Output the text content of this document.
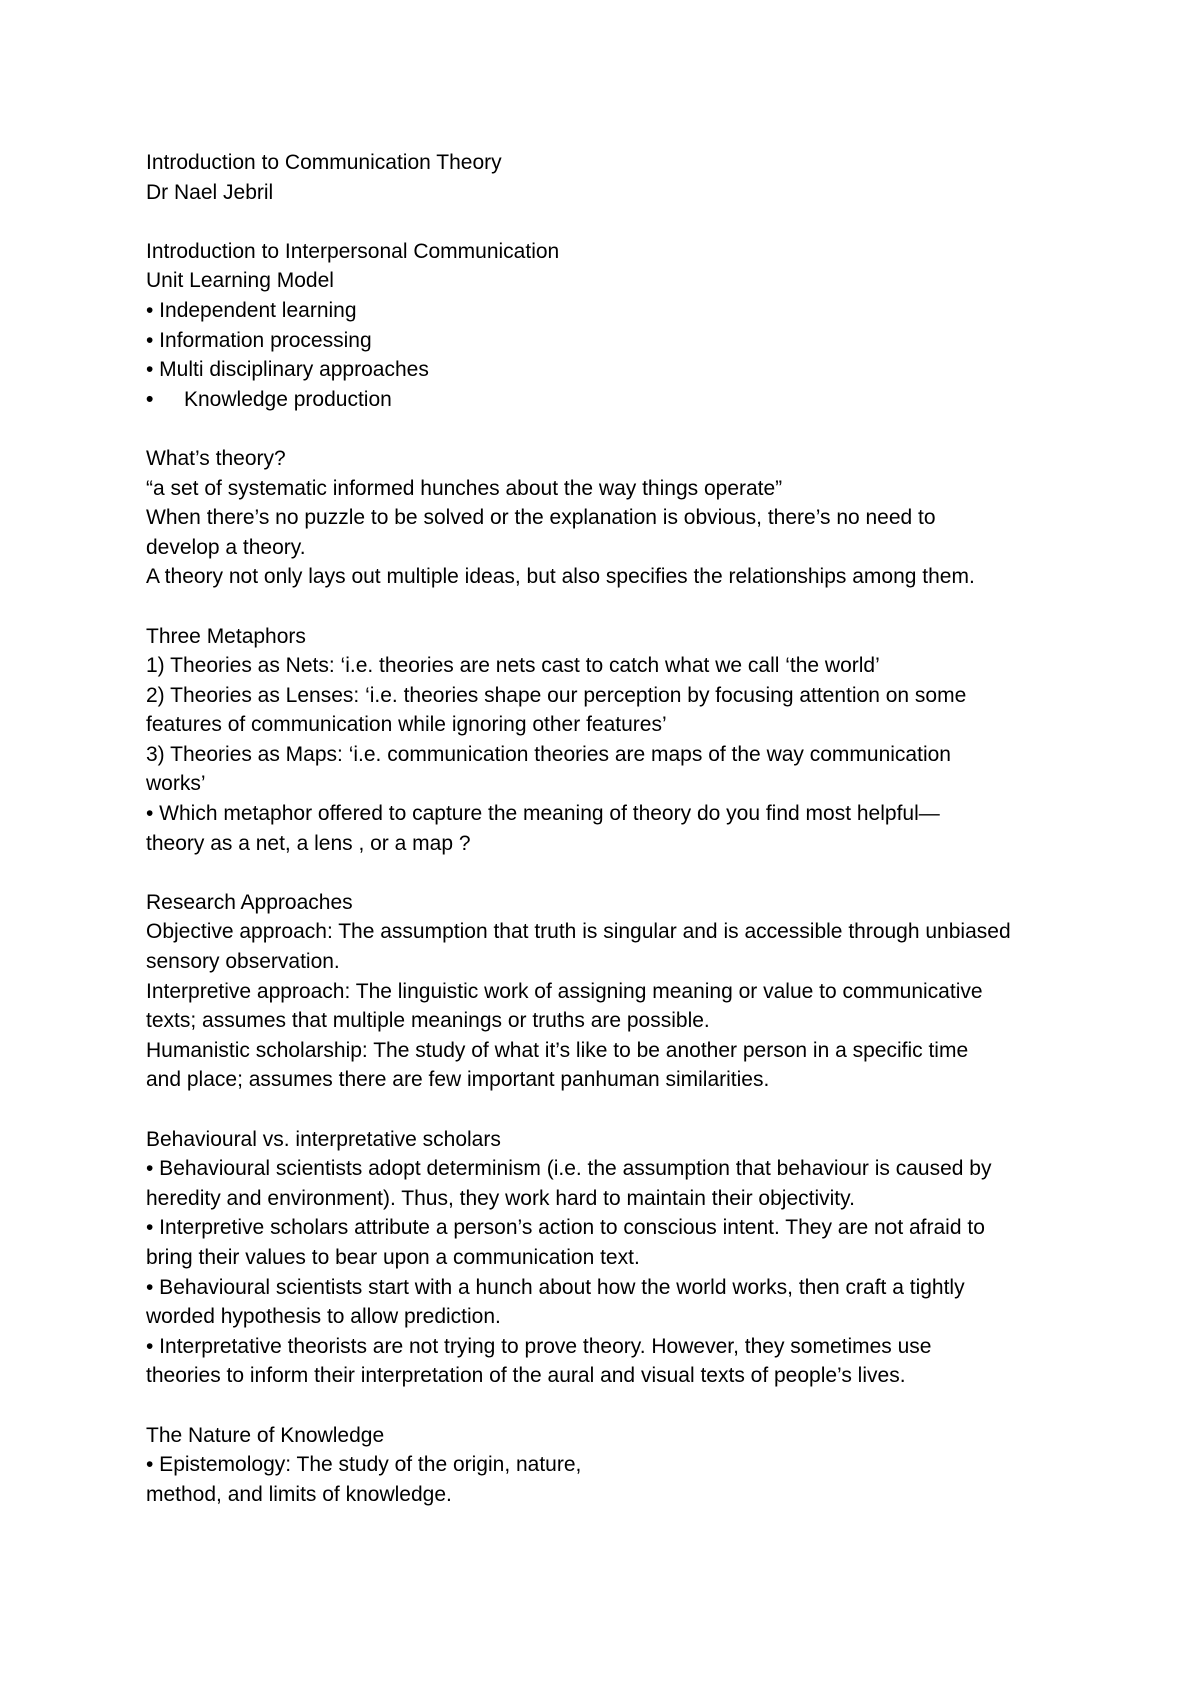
Introduction to Communication Theory
Dr Nael Jebril
Introduction to Interpersonal Communication
Unit Learning Model
• Independent learning
• Information processing
• Multi disciplinary approaches
• Knowledge production
What’s theory?
“a set of systematic informed hunches about the way things operate”
When there’s no puzzle to be solved or the explanation is obvious, there’s no need to
develop a theory.
A theory not only lays out multiple ideas, but also specifies the relationships among them.
Three Metaphors
1) Theories as Nets: ‘i.e. theories are nets cast to catch what we call ‘the world’
2) Theories as Lenses: ‘i.e. theories shape our perception by focusing attention on some
features of communication while ignoring other features’
3) Theories as Maps: ‘i.e. communication theories are maps of the way communication
works’
• Which metaphor offered to capture the meaning of theory do you find most helpful—
theory as a net, a lens , or a map ?
Research Approaches
Objective approach: The assumption that truth is singular and is accessible through unbiased
sensory observation.
Interpretive approach: The linguistic work of assigning meaning or value to communicative
texts; assumes that multiple meanings or truths are possible.
Humanistic scholarship: The study of what it’s like to be another person in a specific time
and place; assumes there are few important panhuman similarities.
Behavioural vs. interpretative scholars
• Behavioural scientists adopt determinism (i.e. the assumption that behaviour is caused by
heredity and environment). Thus, they work hard to maintain their objectivity.
• Interpretive scholars attribute a person’s action to conscious intent. They are not afraid to
bring their values to bear upon a communication text.
• Behavioural scientists start with a hunch about how the world works, then craft a tightly
worded hypothesis to allow prediction.
• Interpretative theorists are not trying to prove theory. However, they sometimes use
theories to inform their interpretation of the aural and visual texts of people’s lives.
The Nature of Knowledge
• Epistemology: The study of the origin, nature,
method, and limits of knowledge.
